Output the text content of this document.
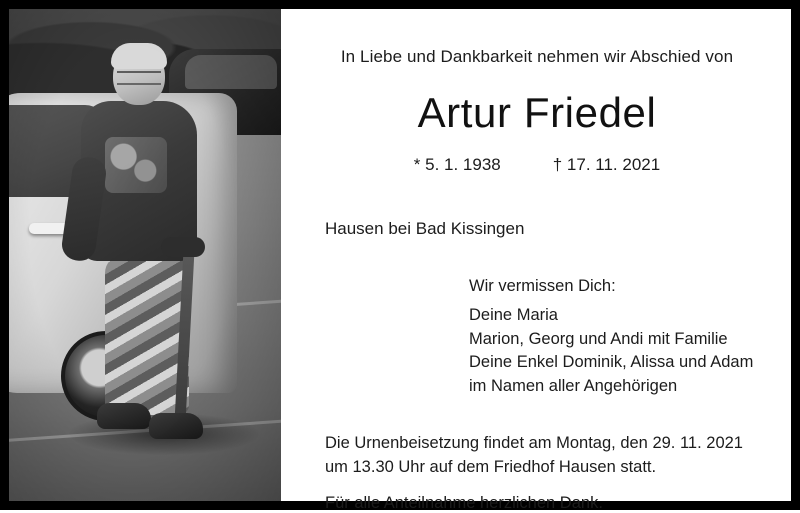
In Liebe und Dankbarkeit nehmen wir Abschied von
Artur Friedel
* 5. 1. 1938	† 17. 11. 2021
Hausen bei Bad Kissingen
Wir vermissen Dich:
Deine Maria
Marion, Georg und Andi mit Familie
Deine Enkel Dominik, Alissa und Adam
im Namen aller Angehörigen
Die Urnenbeisetzung findet am Montag, den 29. 11. 2021
um 13.30 Uhr auf dem Friedhof Hausen statt.
Für alle Anteilnahme herzlichen Dank.
